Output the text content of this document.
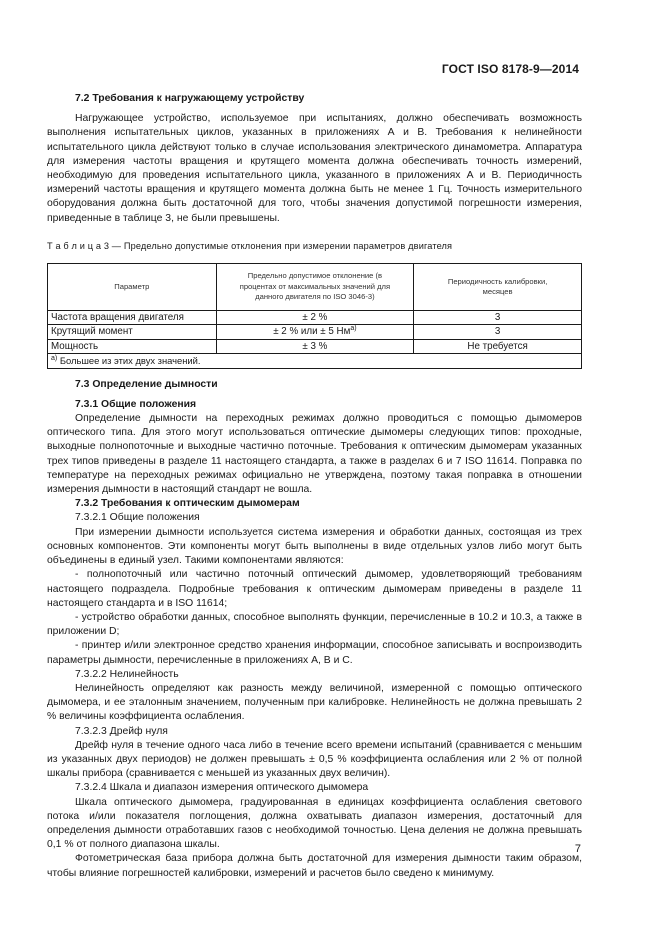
ГОСТ ISO 8178-9—2014

7.2 Требования к нагружающему устройству

Нагружающее устройство, используемое при испытаниях, должно обеспечивать возможность выполнения испытательных циклов, указанных в приложениях А и В. Требования к нелинейности испытательного цикла действуют только в случае использования электрического динамометра. Аппаратура для измерения частоты вращения и крутящего момента должна обеспечивать точность измерений, необходимую для проведения испытательного цикла, указанного в приложениях А и В. Периодичность измерений частоты вращения и крутящего момента должна быть не менее 1 Гц. Точность измерительного оборудования должна быть достаточной для того, чтобы значения допустимой погрешности измерения, приведенные в таблице 3, не были превышены.

Т а б л и ц а 3 — Предельно допустимые отклонения при измерении параметров двигателя

Параметр	Предельно допустимое отклонение (в процентах от максимальных значений для данного двигателя по ISO 3046-3)	Периодичность калибровки, месяцев
Частота вращения двигателя	± 2 %	3
Крутящий момент	± 2 % или ± 5 $Нм^{а)}$	3
Мощность	± 3 %	Не требуется
$^{а)}$ Большее из этих двух значений.		

7.3 Определение дымности

7.3.1 Общие положения

Определение дымности на переходных режимах должно проводиться с помощью дымомеров оптического типа. Для этого могут использоваться оптические дымомеры следующих типов: проходные, выходные полнопоточные и выходные частично поточные. Требования к оптическим дымомерам указанных трех типов приведены в разделе 11 настоящего стандарта, а также в разделах 6 и 7 ISO 11614. Поправка по температуре на переходных режимах официально не утверждена, поэтому такая поправка в отношении измерения дымности в настоящий стандарт не вошла.

7.3.2 Требования к оптическим дымомерам

7.3.2.1 Общие положения

При измерении дымности используется система измерения и обработки данных, состоящая из трех основных компонентов. Эти компоненты могут быть выполнены в виде отдельных узлов либо могут быть объединены в единый узел. Такими компонентами являются:

- полнопоточный или частично поточный оптический дымомер, удовлетворяющий требованиям настоящего подраздела. Подробные требования к оптическим дымомерам приведены в разделе 11 настоящего стандарта и в ISO 11614;

- устройство обработки данных, способное выполнять функции, перечисленные в 10.2 и 10.3, а также в приложении D;

- принтер и/или электронное средство хранения информации, способное записывать и воспроизводить параметры дымности, перечисленные в приложениях А, В и С.

7.3.2.2 Нелинейность

Нелинейность определяют как разность между величиной, измеренной с помощью оптического дымомера, и ее эталонным значением, полученным при калибровке. Нелинейность не должна превышать 2 % величины коэффициента ослабления.

7.3.2.3 Дрейф нуля

Дрейф нуля в течение одного часа либо в течение всего времени испытаний (сравнивается с меньшим из указанных двух периодов) не должен превышать ± 0,5 % коэффициента ослабления или 2 % от полной шкалы прибора (сравнивается с меньшей из указанных двух величин).

7.3.2.4 Шкала и диапазон измерения оптического дымомера

Шкала оптического дымомера, градуированная в единицах коэффициента ослабления светового потока и/или показателя поглощения, должна охватывать диапазон измерения, достаточный для определения дымности отработавших газов с необходимой точностью. Цена деления не должна превышать 0,1 % от полного диапазона шкалы.

Фотометрическая база прибора должна быть достаточной для измерения дымности таким образом, чтобы влияние погрешностей калибровки, измерений и расчетов было сведено к минимуму.

7
